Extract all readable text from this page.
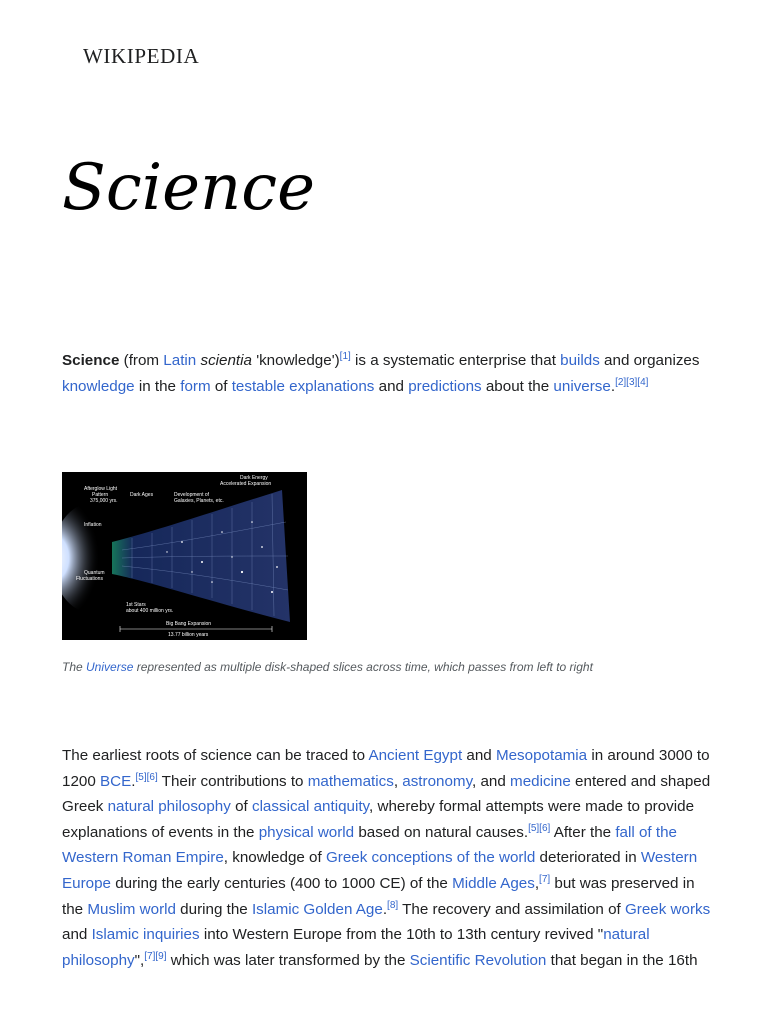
WIKIPEDIA
Science

Science (from Latin scientia 'knowledge')[1] is a systematic enterprise that builds and organizes knowledge in the form of testable explanations and predictions about the universe.[2][3][4]

Afterglow Light
Pattern
375,000 yrs.
Dark Ages	Development of
Galaxies, Planets, etc.
Dark Energy
Accelerated Expansion
Inflation
Quantum
Fluctuations
1st Stars
about 400 million yrs.
Big Bang Expansion
13.77 billion years

The Universe represented as multiple disk-shaped slices across time, which passes from left to right

The earliest roots of science can be traced to Ancient Egypt and Mesopotamia in around 3000 to 1200 BCE.[5][6] Their contributions to mathematics, astronomy, and medicine entered and shaped Greek natural philosophy of classical antiquity, whereby formal attempts were made to provide explanations of events in the physical world based on natural causes.[5][6] After the fall of the Western Roman Empire, knowledge of Greek conceptions of the world deteriorated in Western Europe during the early centuries (400 to 1000 CE) of the Middle Ages,[7] but was preserved in the Muslim world during the Islamic Golden Age.[8] The recovery and assimilation of Greek works and Islamic inquiries into Western Europe from the 10th to 13th century revived "natural philosophy",[7][9] which was later transformed by the Scientific Revolution that began in the 16th
